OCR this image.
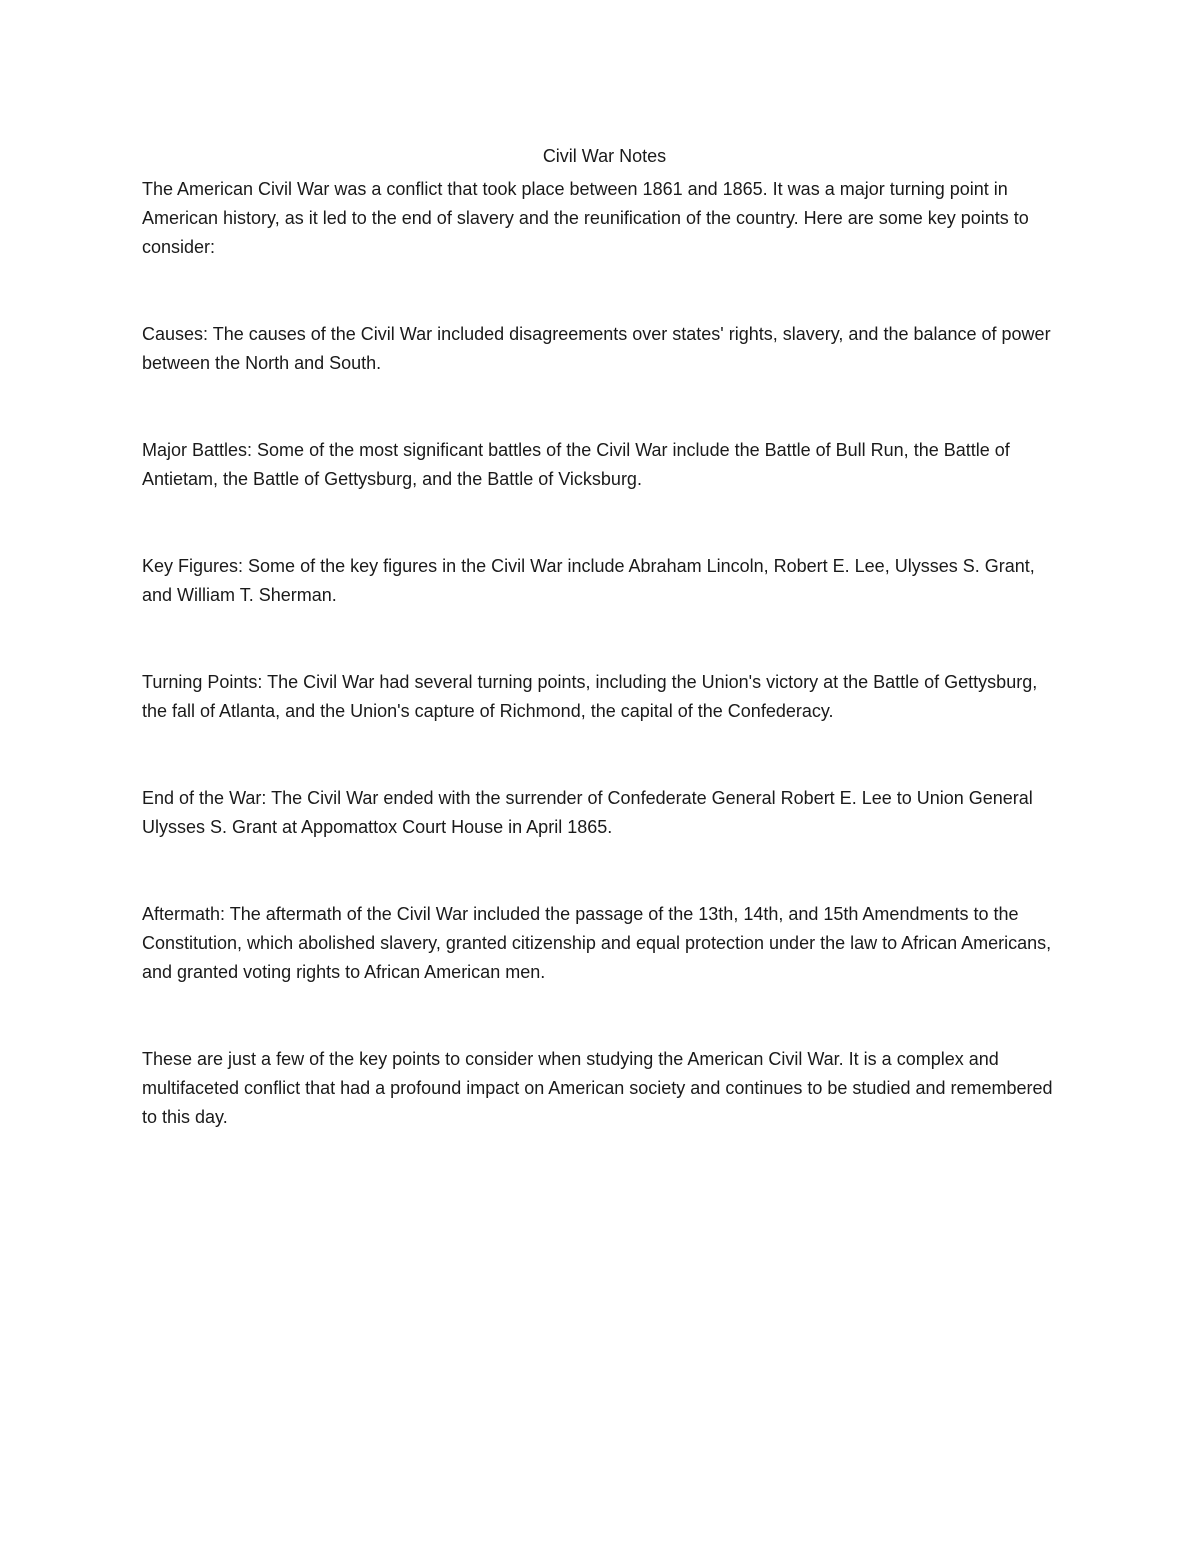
Civil War Notes

The American Civil War was a conflict that took place between 1861 and 1865. It was a major turning point in American history, as it led to the end of slavery and the reunification of the country. Here are some key points to consider:

Causes: The causes of the Civil War included disagreements over states' rights, slavery, and the balance of power between the North and South.

Major Battles: Some of the most significant battles of the Civil War include the Battle of Bull Run, the Battle of Antietam, the Battle of Gettysburg, and the Battle of Vicksburg.

Key Figures: Some of the key figures in the Civil War include Abraham Lincoln, Robert E. Lee, Ulysses S. Grant, and William T. Sherman.

Turning Points: The Civil War had several turning points, including the Union's victory at the Battle of Gettysburg, the fall of Atlanta, and the Union's capture of Richmond, the capital of the Confederacy.

End of the War: The Civil War ended with the surrender of Confederate General Robert E. Lee to Union General Ulysses S. Grant at Appomattox Court House in April 1865.

Aftermath: The aftermath of the Civil War included the passage of the 13th, 14th, and 15th Amendments to the Constitution, which abolished slavery, granted citizenship and equal protection under the law to African Americans, and granted voting rights to African American men.

These are just a few of the key points to consider when studying the American Civil War. It is a complex and multifaceted conflict that had a profound impact on American society and continues to be studied and remembered to this day.
